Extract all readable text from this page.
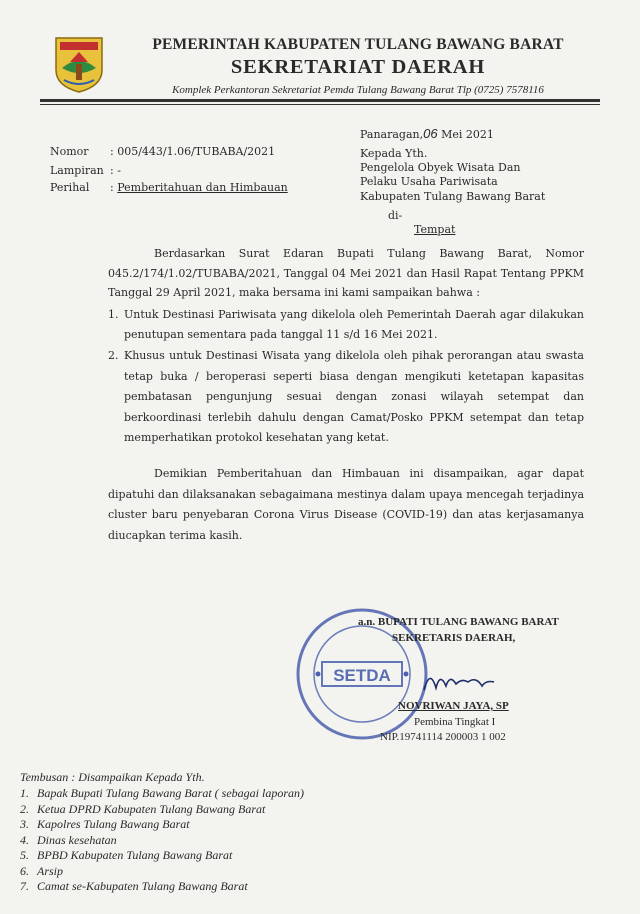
PEMERINTAH KABUPATEN TULANG BAWANG BARAT
SEKRETARIAT DAERAH
Komplek Perkantoran Sekretariat Pemda Tulang Bawang Barat Tlp (0725) 7578116
Panaragan,06 Mei 2021
Nomor	: 005/443/1.06/TUBABA/2021
Lampiran : -
Perihal	: Pemberitahuan dan Himbauan
Kepada Yth.
Pengelola Obyek Wisata Dan
Pelaku Usaha Pariwisata
Kabupaten Tulang Bawang Barat
di-
Tempat
Berdasarkan Surat Edaran Bupati Tulang Bawang Barat, Nomor 045.2/174/1.02/TUBABA/2021, Tanggal 04 Mei 2021 dan Hasil Rapat Tentang PPKM Tanggal 29 April 2021, maka bersama ini kami sampaikan bahwa :
1. Untuk Destinasi Pariwisata yang dikelola oleh Pemerintah Daerah agar dilakukan penutupan sementara pada tanggal 11 s/d 16 Mei 2021.
2. Khusus untuk Destinasi Wisata yang dikelola oleh pihak perorangan atau swasta tetap buka / beroperasi seperti biasa dengan mengikuti ketetapan kapasitas pembatasan pengunjung sesuai dengan zonasi wilayah setempat dan berkoordinasi terlebih dahulu dengan Camat/Posko PPKM setempat dan tetap memperhatikan protokol kesehatan yang ketat.
Demikian Pemberitahuan dan Himbauan ini disampaikan, agar dapat dipatuhi dan dilaksanakan sebagaimana mestinya dalam upaya mencegah terjadinya cluster baru penyebaran Corona Virus Disease (COVID-19) dan atas kerjasamanya diucapkan terima kasih.
SETDA
a.n. BUPATI TULANG BAWANG BARAT
SEKRETARIS DAERAH,
NOVRIWAN JAYA, SP
Pembina Tingkat I
NIP.19741114 200003 1 002
Tembusan : Disampaikan Kepada Yth.
1. Bapak Bupati Tulang Bawang Barat ( sebagai laporan)
2. Ketua DPRD Kabupaten Tulang Bawang Barat
3. Kapolres Tulang Bawang Barat
4. Dinas kesehatan
5. BPBD Kabupaten Tulang Bawang Barat
6. Arsip
7. Camat se-Kabupaten Tulang Bawang Barat
